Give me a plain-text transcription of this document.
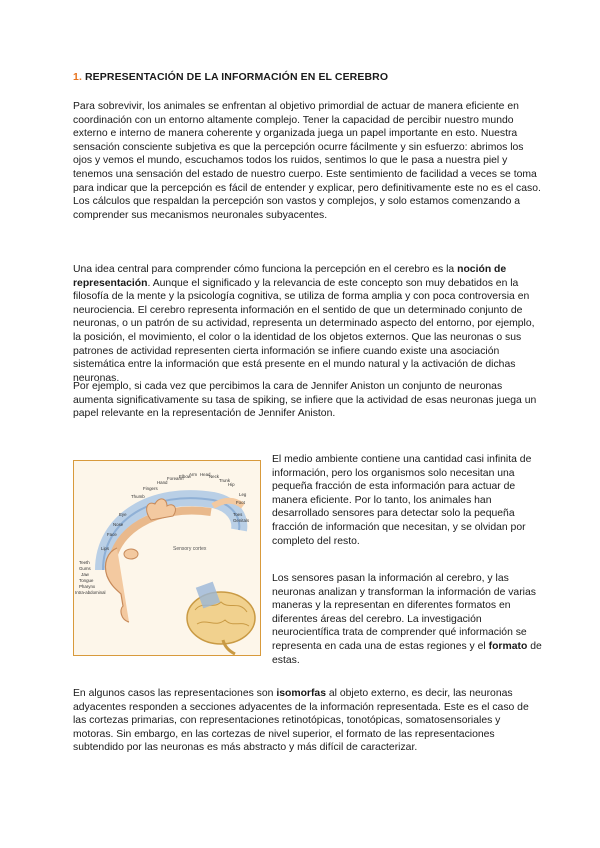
1. REPRESENTACIÓN DE LA INFORMACIÓN EN EL CEREBRO

Para sobrevivir, los animales se enfrentan al objetivo primordial de actuar de manera eficiente en coordinación con un entorno altamente complejo. Tener la capacidad de percibir nuestro mundo externo e interno de manera coherente y organizada juega un papel importante en esto. Nuestra sensación consciente subjetiva es que la percepción ocurre fácilmente y sin esfuerzo: abrimos los ojos y vemos el mundo, escuchamos todos los ruidos, sentimos lo que le pasa a nuestra piel y tenemos una sensación del estado de nuestro cuerpo. Este sentimiento de facilidad a veces se toma para indicar que la percepción es fácil de entender y explicar, pero definitivamente este no es el caso. Los cálculos que respaldan la percepción son vastos y complejos, y solo estamos comenzando a comprender sus mecanismos neuronales subyacentes.

Una idea central para comprender cómo funciona la percepción en el cerebro es la noción de representación. Aunque el significado y la relevancia de este concepto son muy debatidos en la filosofía de la mente y la psicología cognitiva, se utiliza de forma amplia y con poca controversia en neurociencia. El cerebro representa información en el sentido de que un determinado conjunto de neuronas, o un patrón de su actividad, representa un determinado aspecto del entorno, por ejemplo, la posición, el movimiento, el color o la identidad de los objetos externos. Que las neuronas o sus patrones de actividad representen cierta información se infiere cuando existe una asociación sistemática entre la información que está presente en el mundo natural y la activación de dichas neuronas.

Por ejemplo, si cada vez que percibimos la cara de Jennifer Aniston un conjunto de neuronas aumenta significativamente su tasa de spiking, se infiere que la actividad de esas neuronas juega un papel relevante en la representación de Jennifer Aniston.

Sensory cortex
Genitals
Toes
Foot
Leg
Hip
Trunk
Neck
Head
Arm
Elbow
Forearm
Hand
Fingers
Thumb
Eye
Nose
Face
Lips
Teeth
Gums
Jaw
Tongue
Pharynx
Intra-abdominal

El medio ambiente contiene una cantidad casi infinita de información, pero los organismos solo necesitan una pequeña fracción de esta información para actuar de manera eficiente. Por lo tanto, los animales han desarrollado sensores para detectar solo la pequeña fracción de información que necesitan, y se olvidan por completo del resto.

Los sensores pasan la información al cerebro, y las neuronas analizan y transforman la información de varias maneras y la representan en diferentes formatos en diferentes áreas del cerebro. La investigación neurocientífica trata de comprender qué información se representa en cada una de estas regiones y el formato de estas.

En algunos casos las representaciones son isomorfas al objeto externo, es decir, las neuronas adyacentes responden a secciones adyacentes de la información representada. Este es el caso de las cortezas primarias, con representaciones retinotópicas, tonotópicas, somatosensoriales y motoras. Sin embargo, en las cortezas de nivel superior, el formato de las representaciones subtendido por las neuronas es más abstracto y más difícil de caracterizar.
